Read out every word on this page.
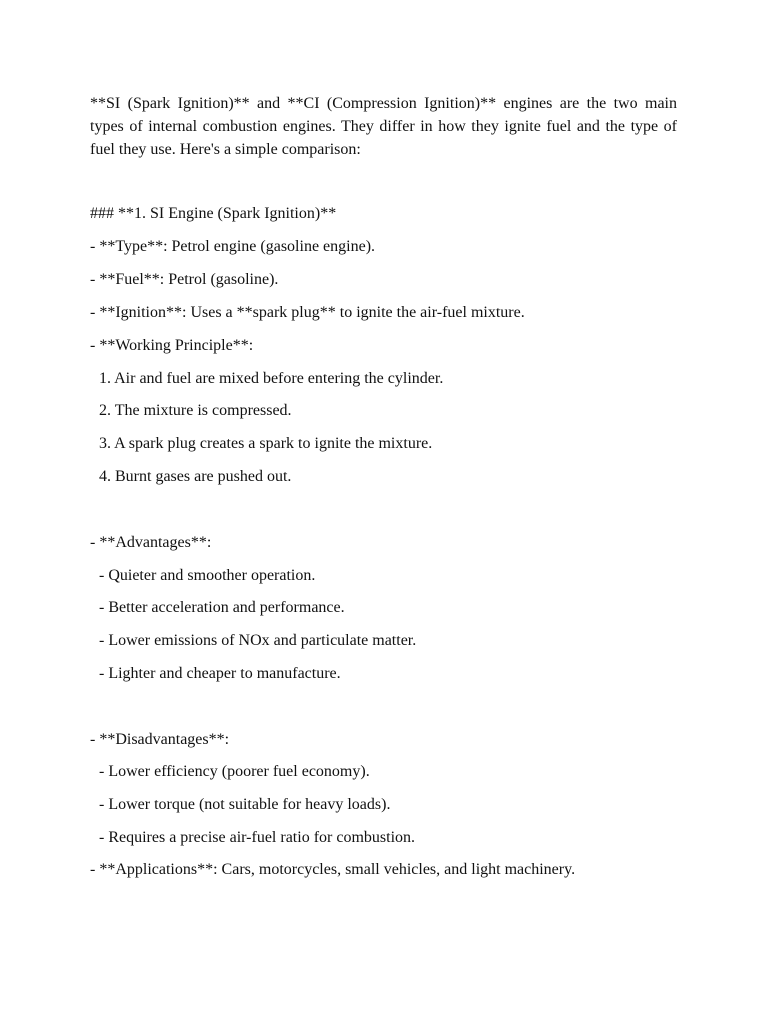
**SI (Spark Ignition)** and **CI (Compression Ignition)** engines are the two main types of internal combustion engines. They differ in how they ignite fuel and the type of fuel they use. Here's a simple comparison:

### **1. SI Engine (Spark Ignition)**

- **Type**: Petrol engine (gasoline engine).

- **Fuel**: Petrol (gasoline).

- **Ignition**: Uses a **spark plug** to ignite the air-fuel mixture.

- **Working Principle**:

1. Air and fuel are mixed before entering the cylinder.

2. The mixture is compressed.

3. A spark plug creates a spark to ignite the mixture.

4. Burnt gases are pushed out.

- **Advantages**:

- Quieter and smoother operation.

- Better acceleration and performance.

- Lower emissions of NOx and particulate matter.

- Lighter and cheaper to manufacture.

- **Disadvantages**:

- Lower efficiency (poorer fuel economy).

- Lower torque (not suitable for heavy loads).

- Requires a precise air-fuel ratio for combustion.

- **Applications**: Cars, motorcycles, small vehicles, and light machinery.
